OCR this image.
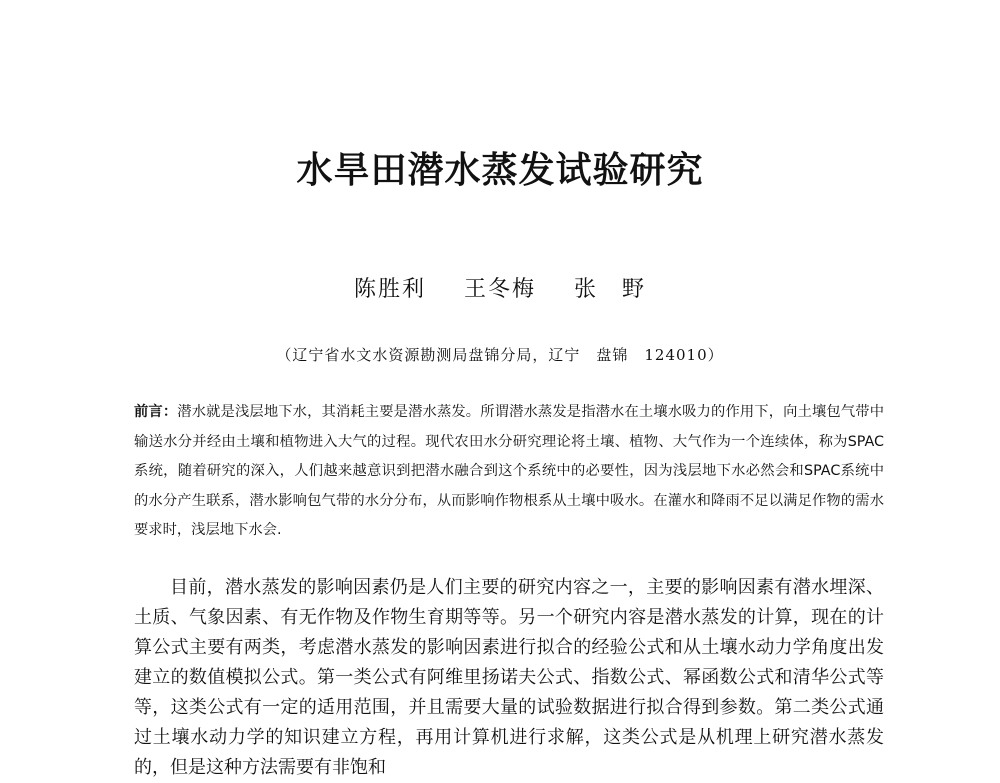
水旱田潜水蒸发试验研究
陈胜利 王冬梅 张　野

（辽宁省水文水资源勘测局盘锦分局，辽宁　盘锦　124010）

前言：潜水就是浅层地下水，其消耗主要是潜水蒸发。所谓潜水蒸发是指潜水在土壤水吸力的作用下，向土壤包气带中输送水分并经由土壤和植物进入大气的过程。现代农田水分研究理论将土壤、植物、大气作为一个连续体，称为SPAC系统，随着研究的深入，人们越来越意识到把潜水融合到这个系统中的必要性，因为浅层地下水必然会和SPAC系统中的水分产生联系，潜水影响包气带的水分分布，从而影响作物根系从土壤中吸水。在灌水和降雨不足以满足作物的需水要求时，浅层地下水会.

目前，潜水蒸发的影响因素仍是人们主要的研究内容之一，主要的影响因素有潜水埋深、土质、气象因素、有无作物及作物生育期等等。另一个研究内容是潜水蒸发的计算，现在的计算公式主要有两类，考虑潜水蒸发的影响因素进行拟合的经验公式和从土壤水动力学角度出发建立的数值模拟公式。第一类公式有阿维里扬诺夫公式、指数公式、幂函数公式和清华公式等等，这类公式有一定的适用范围，并且需要大量的试验数据进行拟合得到参数。第二类公式通过土壤水动力学的知识建立方程，再用计算机进行求解，这类公式是从机理上研究潜水蒸发的，但是这种方法需要有非饱和
